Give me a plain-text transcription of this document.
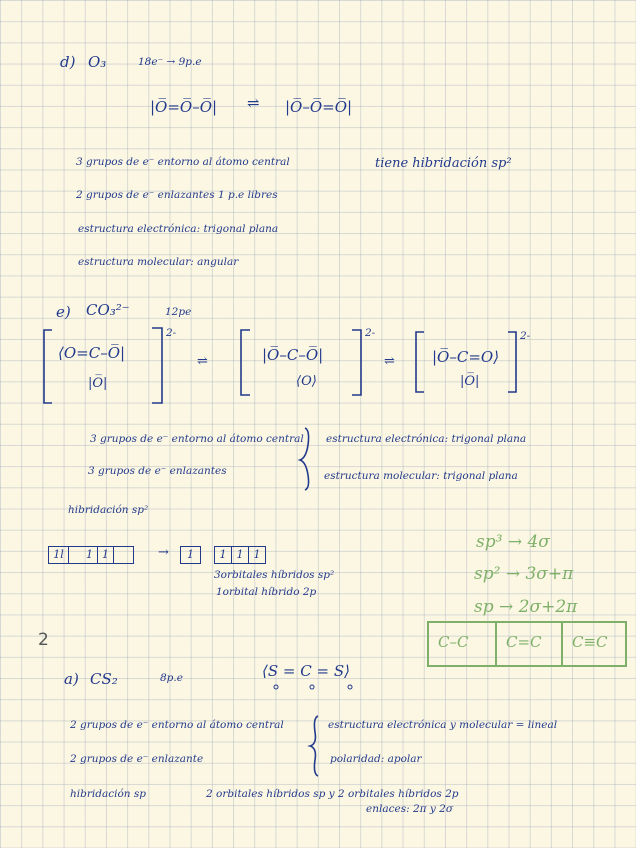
d) O₃	18e⁻ → 9p.e
|O̅=O̅–O̅| ⇌ |O̅–O̅=O̅|
3 grupos de e⁻ entorno al átomo central	tiene hibridación sp²
2 grupos de e⁻ enlazantes 1 p.e libres
estructura electrónica: trigonal plana
estructura molecular: angular
e) CO₃²⁻	12pe
⟨O=C–O̅|
|O̅|
2-
⇌	|O̅–C–O̅|
⟨O⟩
2-
⇌ |O̅–C=O⟩
|O̅|
2-
3 grupos de e⁻ entorno al átomo central estructura electrónica: trigonal plana
3 grupos de e⁻ enlazantes	estructura molecular: trigonal plana
hibridación sp²
1l	1 1	→	1	1 1 1
3orbitales híbridos sp²
1orbital híbrido 2p
sp³ → 4σ
sp² → 3σ+π
sp → 2σ+2π
C–C	C=C C≡C
2
a) CS₂	8p.e	⟨S = C = S⟩
2 grupos de e⁻ entorno al átomo central	estructura electrónica y molecular = lineal
2 grupos de e⁻ enlazante	polaridad: apolar
hibridación sp	2 orbitales híbridos sp y 2 orbitales híbridos 2p
enlaces: 2π y 2σ
